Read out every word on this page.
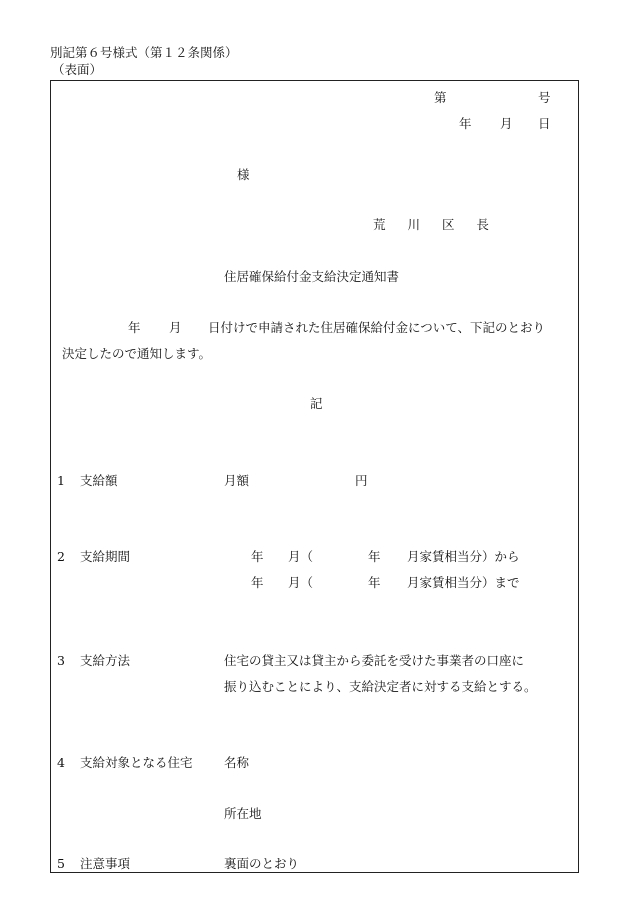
別記第６号様式（第１２条関係）
（表面）
第	号
年 月 日
様
荒 川 区 長
住居確保給付金支給決定通知書
年 月 日付けで申請された住居確保給付金について、下記のとおり
決定したので通知します。
記
1 支給額	月額	円
2 支給期間	年 月（	年 月家賃相当分）から
年 月（	年 月家賃相当分）まで
3 支給方法	住宅の貸主又は貸主から委託を受けた事業者の口座に
振り込むことにより、支給決定者に対する支給とする。
4 支給対象となる住宅	名称
所在地
5 注意事項	裏面のとおり
